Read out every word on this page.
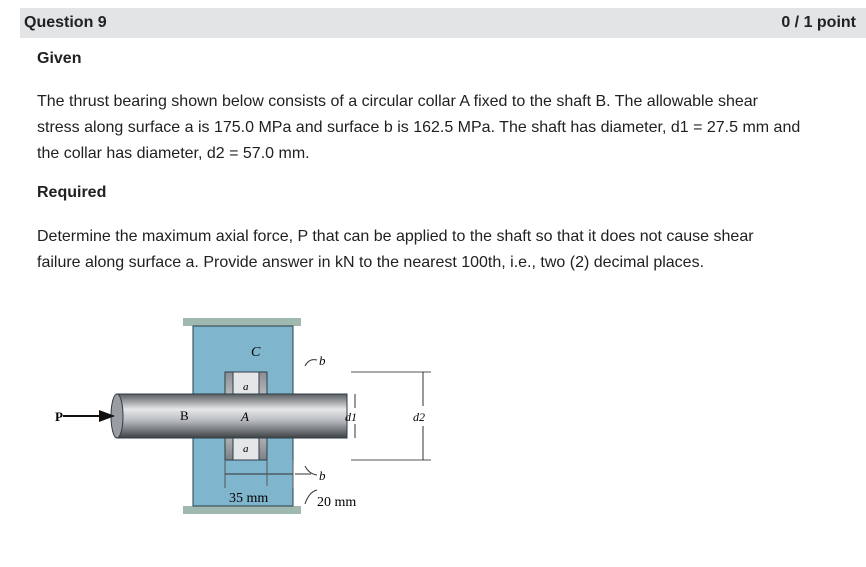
Question 9	0 / 1 point
Given
The thrust bearing shown below consists of a circular collar A fixed to the shaft B. The allowable shear
stress along surface a is 175.0 MPa and surface b is 162.5 MPa. The shaft has diameter, d1 = 27.5 mm and
the collar has diameter, d2 = 57.0 mm.
Required
Determine the maximum axial force, P that can be applied to the shaft so that it does not cause shear
failure along surface a. Provide answer in kN to the nearest 100th, i.e., two (2) decimal places.
P	B	A
C
a
a
b
b
d1	d2
35 mm	20 mm
